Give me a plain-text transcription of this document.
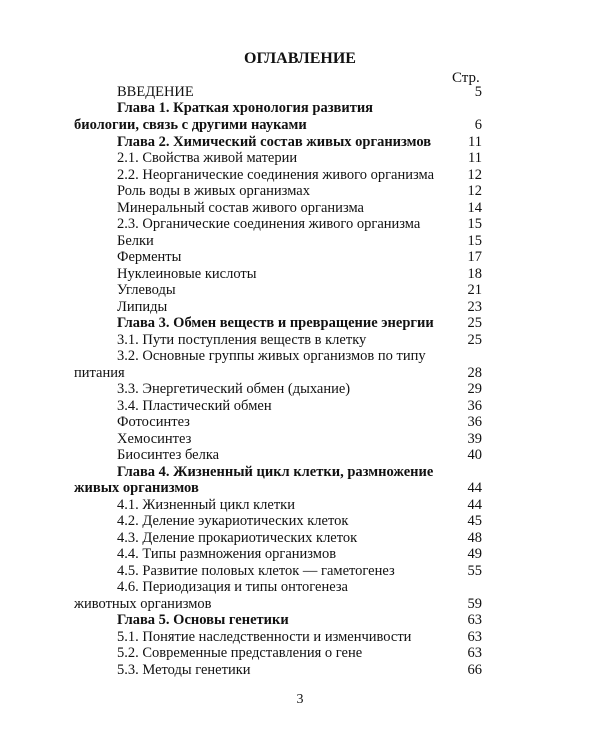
ОГЛАВЛЕНИЕ
Стр.
ВВЕДЕНИЕ	5
Глава 1. Краткая хронология развития
биологии, связь с другими науками	6
Глава 2. Химический состав живых организмов	11
2.1. Свойства живой материи	11
2.2. Неорганические соединения живого организма 12
Роль воды в живых организмах	12
Минеральный состав живого организма	14
2.3. Органические соединения живого организма	15
Белки	15
Ферменты	17
Нуклеиновые кислоты	18
Углеводы	21
Липиды	23
Глава 3. Обмен веществ и превращение энергии 25
3.1. Пути поступления веществ в клетку	25
3.2. Основные группы живых организмов по типу
питания	28
3.3. Энергетический обмен (дыхание)	29
3.4. Пластический обмен	36
Фотосинтез	36
Хемосинтез	39
Биосинтез белка	40
Глава 4. Жизненный цикл клетки, размножение
живых организмов	44
4.1. Жизненный цикл клетки	44
4.2. Деление эукариотических клеток	45
4.3. Деление прокариотических клеток	48
4.4. Типы размножения организмов	49
4.5. Развитие половых клеток — гаметогенез	55
4.6. Периодизация и типы онтогенеза
животных организмов	59
Глава 5. Основы генетики	63
5.1. Понятие наследственности и изменчивости	63
5.2. Современные представления о гене	63
5.3. Методы генетики	66
3
